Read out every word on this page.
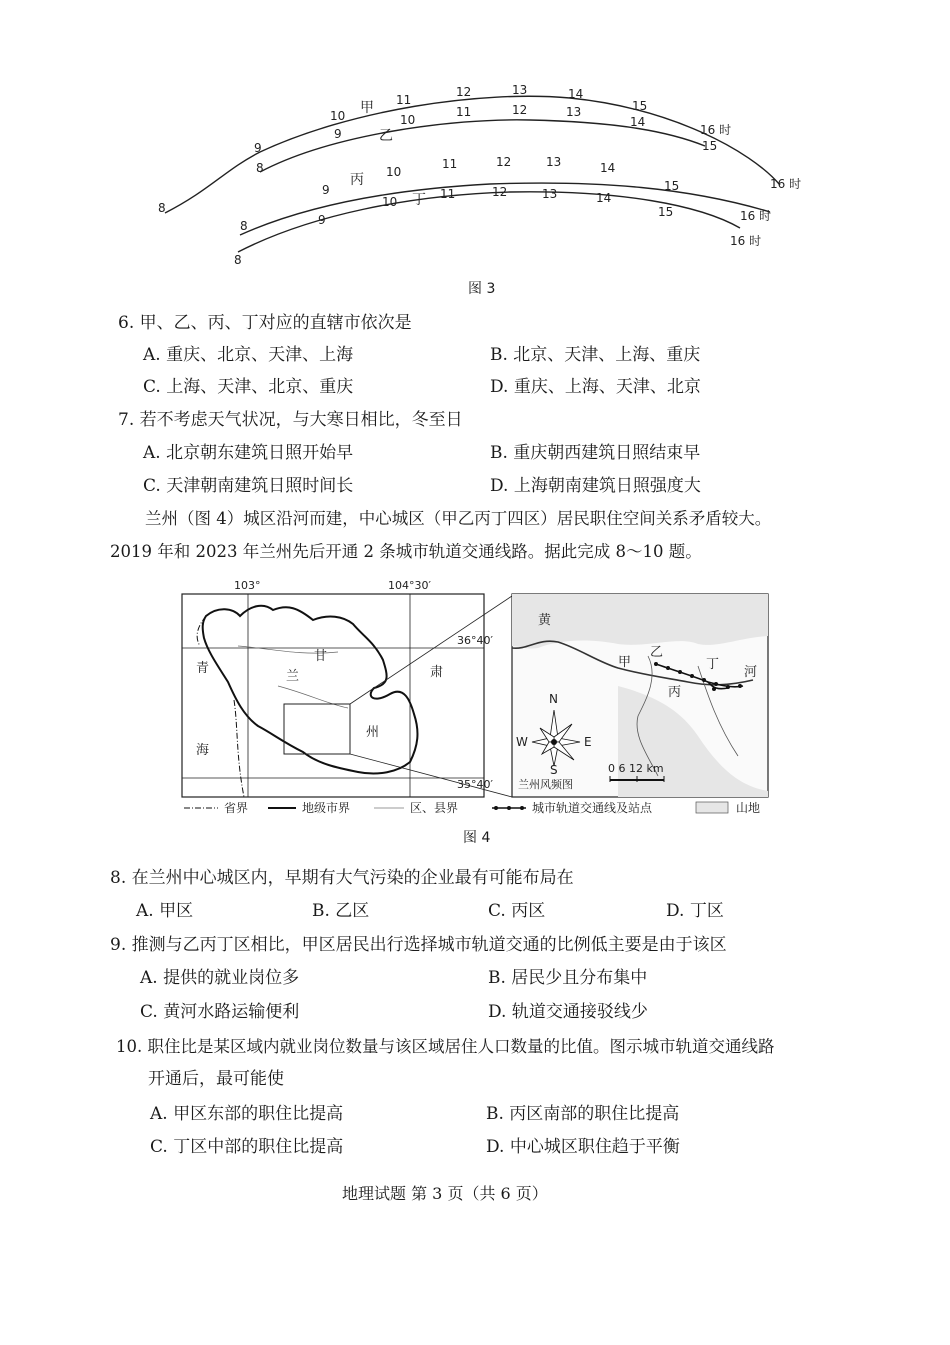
甲
乙
丙
丁
8
9
10
11
12	13	14
15
16 时
8
9
10
11	12	13
14
16 时
15
8
9
10
11	12	13	14
15
8
9
10
11	12	13	14
15	16 时
16 时
图 3
6. 甲、乙、丙、丁对应的直辖市依次是
A. 重庆、北京、天津、上海	B. 北京、天津、上海、重庆
C. 上海、天津、北京、重庆	D. 重庆、上海、天津、北京
7. 若不考虑天气状况，与大寒日相比，冬至日
A. 北京朝东建筑日照开始早	B. 重庆朝西建筑日照结束早
C. 天津朝南建筑日照时间长	D. 上海朝南建筑日照强度大
兰州（图 4）城区沿河而建，中心城区（甲乙丙丁四区）居民职住空间关系矛盾较大。
2019 年和 2023 年兰州先后开通 2 条城市轨道交通线路。据此完成 8～10 题。
103°	104°30′
36°40′
35°40′
青
海
兰
甘
肃
州
黄
河
甲
乙
丙
丁
N
S
E
W
兰州风频图
0 6 12 km
省界	地级市界	区、县界	城市轨道交通线及站点	山地
图 4
8. 在兰州中心城区内，早期有大气污染的企业最有可能布局在
A. 甲区	B. 乙区	C. 丙区	D. 丁区
9. 推测与乙丙丁区相比，甲区居民出行选择城市轨道交通的比例低主要是由于该区
A. 提供的就业岗位多	B. 居民少且分布集中
C. 黄河水路运输便利	D. 轨道交通接驳线少
10. 职住比是某区域内就业岗位数量与该区域居住人口数量的比值。图示城市轨道交通线路
开通后，最可能使
A. 甲区东部的职住比提高	B. 丙区南部的职住比提高
C. 丁区中部的职住比提高	D. 中心城区职住趋于平衡
地理试题 第 3 页（共 6 页）
